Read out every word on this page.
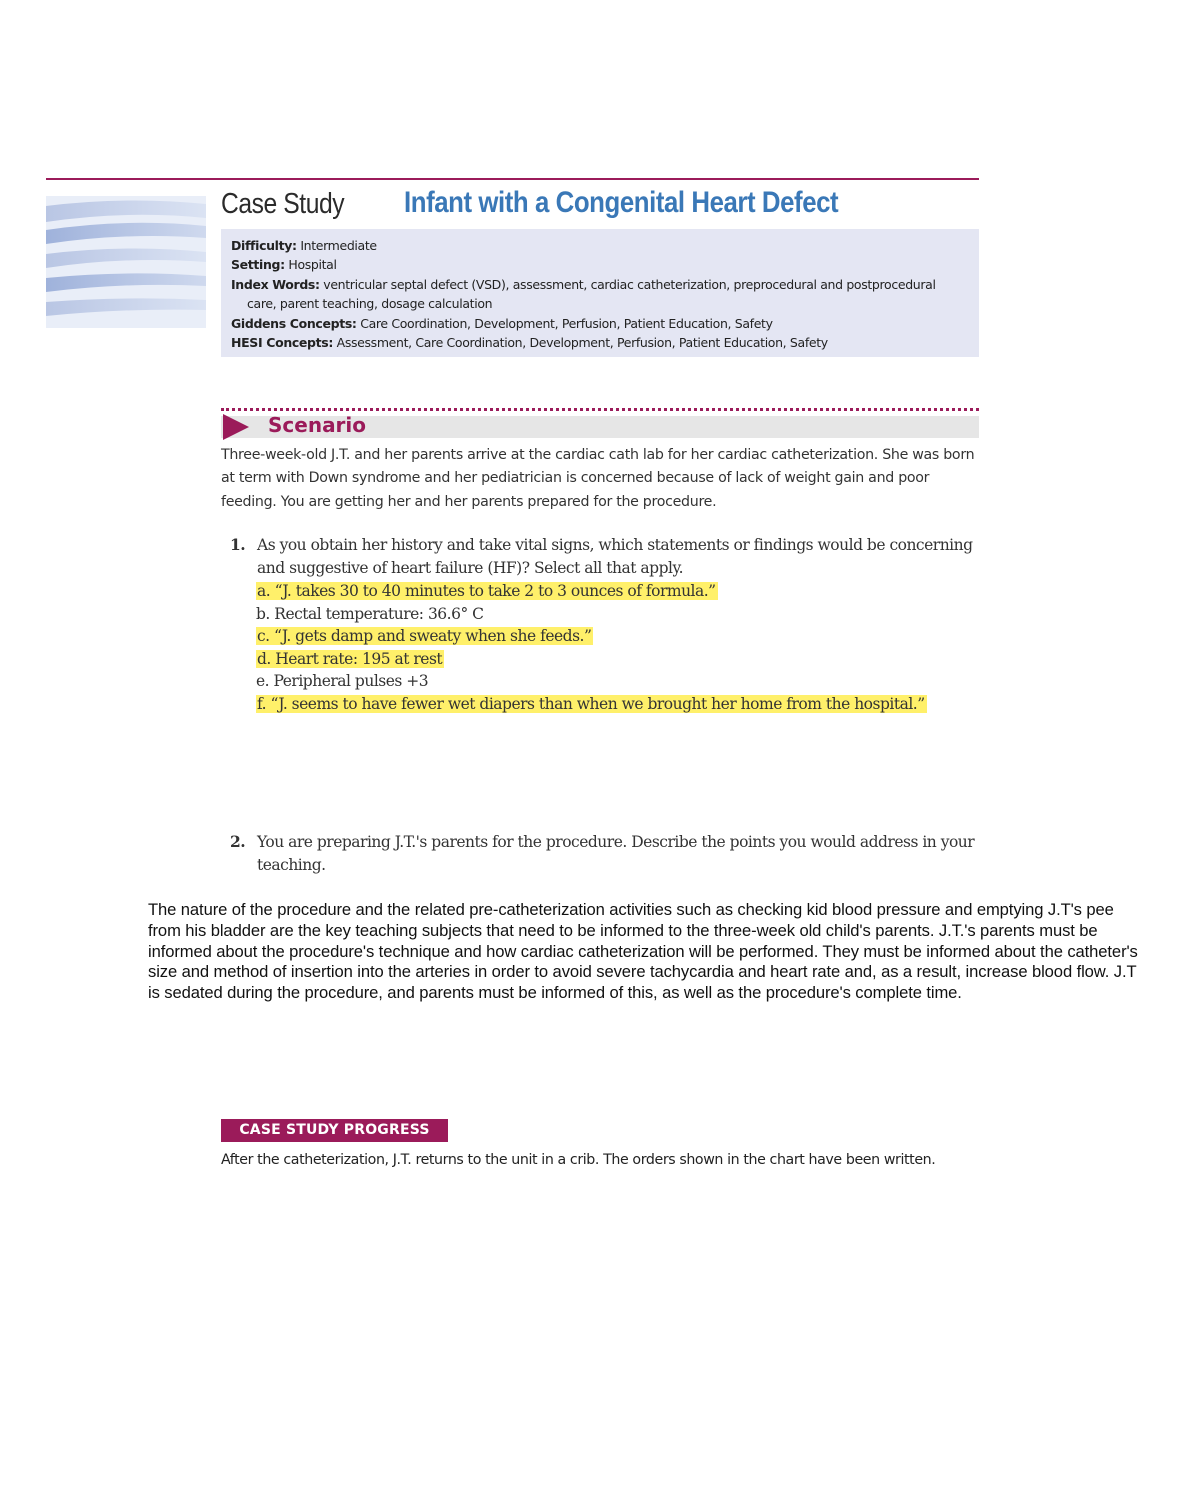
Case Study Infant with a Congenital Heart Defect
Difficulty: Intermediate
Setting: Hospital
Index Words: ventricular septal defect (VSD), assessment, cardiac catheterization, preprocedural and postprocedural
care, parent teaching, dosage calculation
Giddens Concepts: Care Coordination, Development, Perfusion, Patient Education, Safety
HESI Concepts: Assessment, Care Coordination, Development, Perfusion, Patient Education, Safety
Scenario
Three-week-old J.T. and her parents arrive at the cardiac cath lab for her cardiac catheterization. She was born at term with Down syndrome and her pediatrician is concerned because of lack of weight gain and poor feeding. You are getting her and her parents prepared for the procedure.
1. As you obtain her history and take vital signs, which statements or findings would be concerning and suggestive of heart failure (HF)? Select all that apply.
a. “J. takes 30 to 40 minutes to take 2 to 3 ounces of formula.”
b. Rectal temperature: 36.6° C
c. “J. gets damp and sweaty when she feeds.”
d. Heart rate: 195 at rest
e. Peripheral pulses +3
f. “J. seems to have fewer wet diapers than when we brought her home from the hospital.”
2. You are preparing J.T.'s parents for the procedure. Describe the points you would address in your teaching.
The nature of the procedure and the related pre-catheterization activities such as checking kid blood pressure and emptying J.T's pee from his bladder are the key teaching subjects that need to be informed to the three-week old child's parents. J.T.'s parents must be informed about the procedure's technique and how cardiac catheterization will be performed. They must be informed about the catheter's size and method of insertion into the arteries in order to avoid severe tachycardia and heart rate and, as a result, increase blood flow. J.T is sedated during the procedure, and parents must be informed of this, as well as the procedure's complete time.
CASE STUDY PROGRESS
After the catheterization, J.T. returns to the unit in a crib. The orders shown in the chart have been written.
